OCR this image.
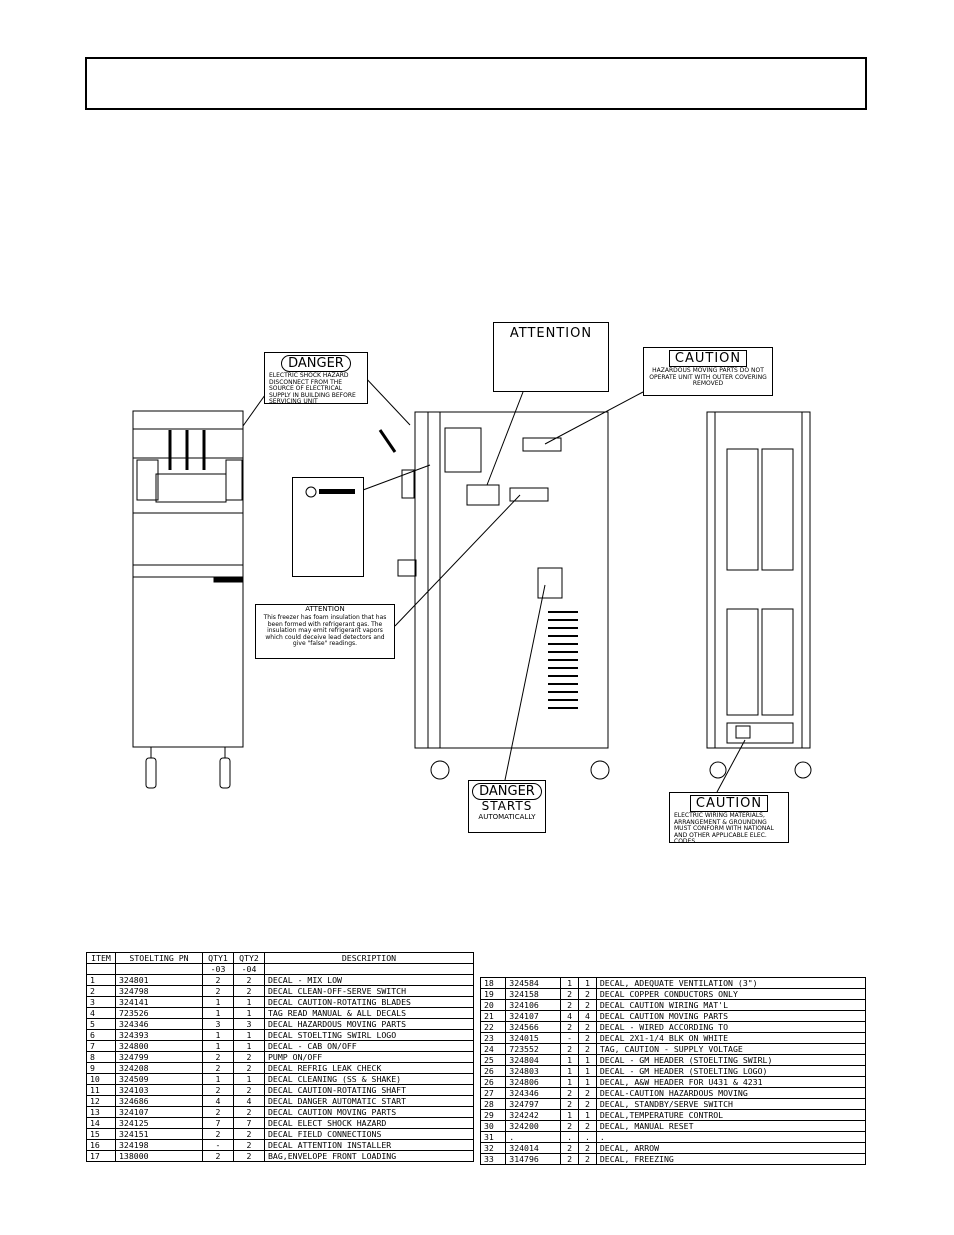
DANGER
ELECTRIC SHOCK HAZARD DISCONNECT FROM THE SOURCE OF ELECTRICAL SUPPLY IN BUILDING BEFORE SERVICING UNIT
ATTENTION
CAUTION
HAZARDOUS MOVING PARTS DO NOT OPERATE UNIT WITH OUTER COVERING REMOVED
ATTENTION
This freezer has foam insulation that has been formed with refrigerant gas. The insulation may emit refrigerant vapors which could deceive lead detectors and give "false" readings.
DANGER
STARTS
AUTOMATICALLY
CAUTION
ELECTRIC WIRING MATERIALS, ARRANGEMENT & GROUNDING MUST CONFORM WITH NATIONAL AND OTHER APPLICABLE ELEC. CODES
ITEM	STOELTING PN	QTY1	QTY2	DESCRIPTION
		-03	-04	
1	324801	2	2	DECAL - MIX LOW
2	324798	2	2	DECAL CLEAN-OFF-SERVE SWITCH
3	324141	1	1	DECAL CAUTION-ROTATING BLADES
4	723526	1	1	TAG READ MANUAL & ALL DECALS
5	324346	3	3	DECAL HAZARDOUS MOVING PARTS
6	324393	1	1	DECAL STOELTING SWIRL LOGO
7	324800	1	1	DECAL - CAB ON/OFF
8	324799	2	2	PUMP ON/OFF
9	324208	2	2	DECAL REFRIG LEAK CHECK
10	324509	1	1	DECAL CLEANING (SS & SHAKE)
11	324103	2	2	DECAL CAUTION-ROTATING SHAFT
12	324686	4	4	DECAL DANGER AUTOMATIC START
13	324107	2	2	DECAL CAUTION MOVING PARTS
14	324125	7	7	DECAL ELECT SHOCK HAZARD
15	324151	2	2	DECAL FIELD CONNECTIONS
16	324198	-	2	DECAL ATTENTION INSTALLER
17	138000	2	2	BAG,ENVELOPE FRONT LOADING
18	324584	1	1	DECAL, ADEQUATE VENTILATION (3")
19	324158	2	2	DECAL COPPER CONDUCTORS ONLY
20	324106	2	2	DECAL CAUTION WIRING MAT'L
21	324107	4	4	DECAL CAUTION MOVING PARTS
22	324566	2	2	DECAL - WIRED ACCORDING TO
23	324015	-	2	DECAL 2X1-1/4 BLK ON WHITE
24	723552	2	2	TAG, CAUTION - SUPPLY VOLTAGE
25	324804	1	1	DECAL - GM HEADER (STOELTING SWIRL)
26	324803	1	1	DECAL - GM HEADER (STOELTING LOGO)
26	324806	1	1	DECAL, A&W HEADER FOR U431 & 4231
27	324346	2	2	DECAL-CAUTION HAZARDOUS MOVING
28	324797	2	2	DECAL, STANDBY/SERVE SWITCH
29	324242	1	1	DECAL,TEMPERATURE CONTROL
30	324200	2	2	DECAL, MANUAL RESET
31	.	.	.	.
32	324014	2	2	DECAL, ARROW
33	314796	2	2	DECAL, FREEZING
